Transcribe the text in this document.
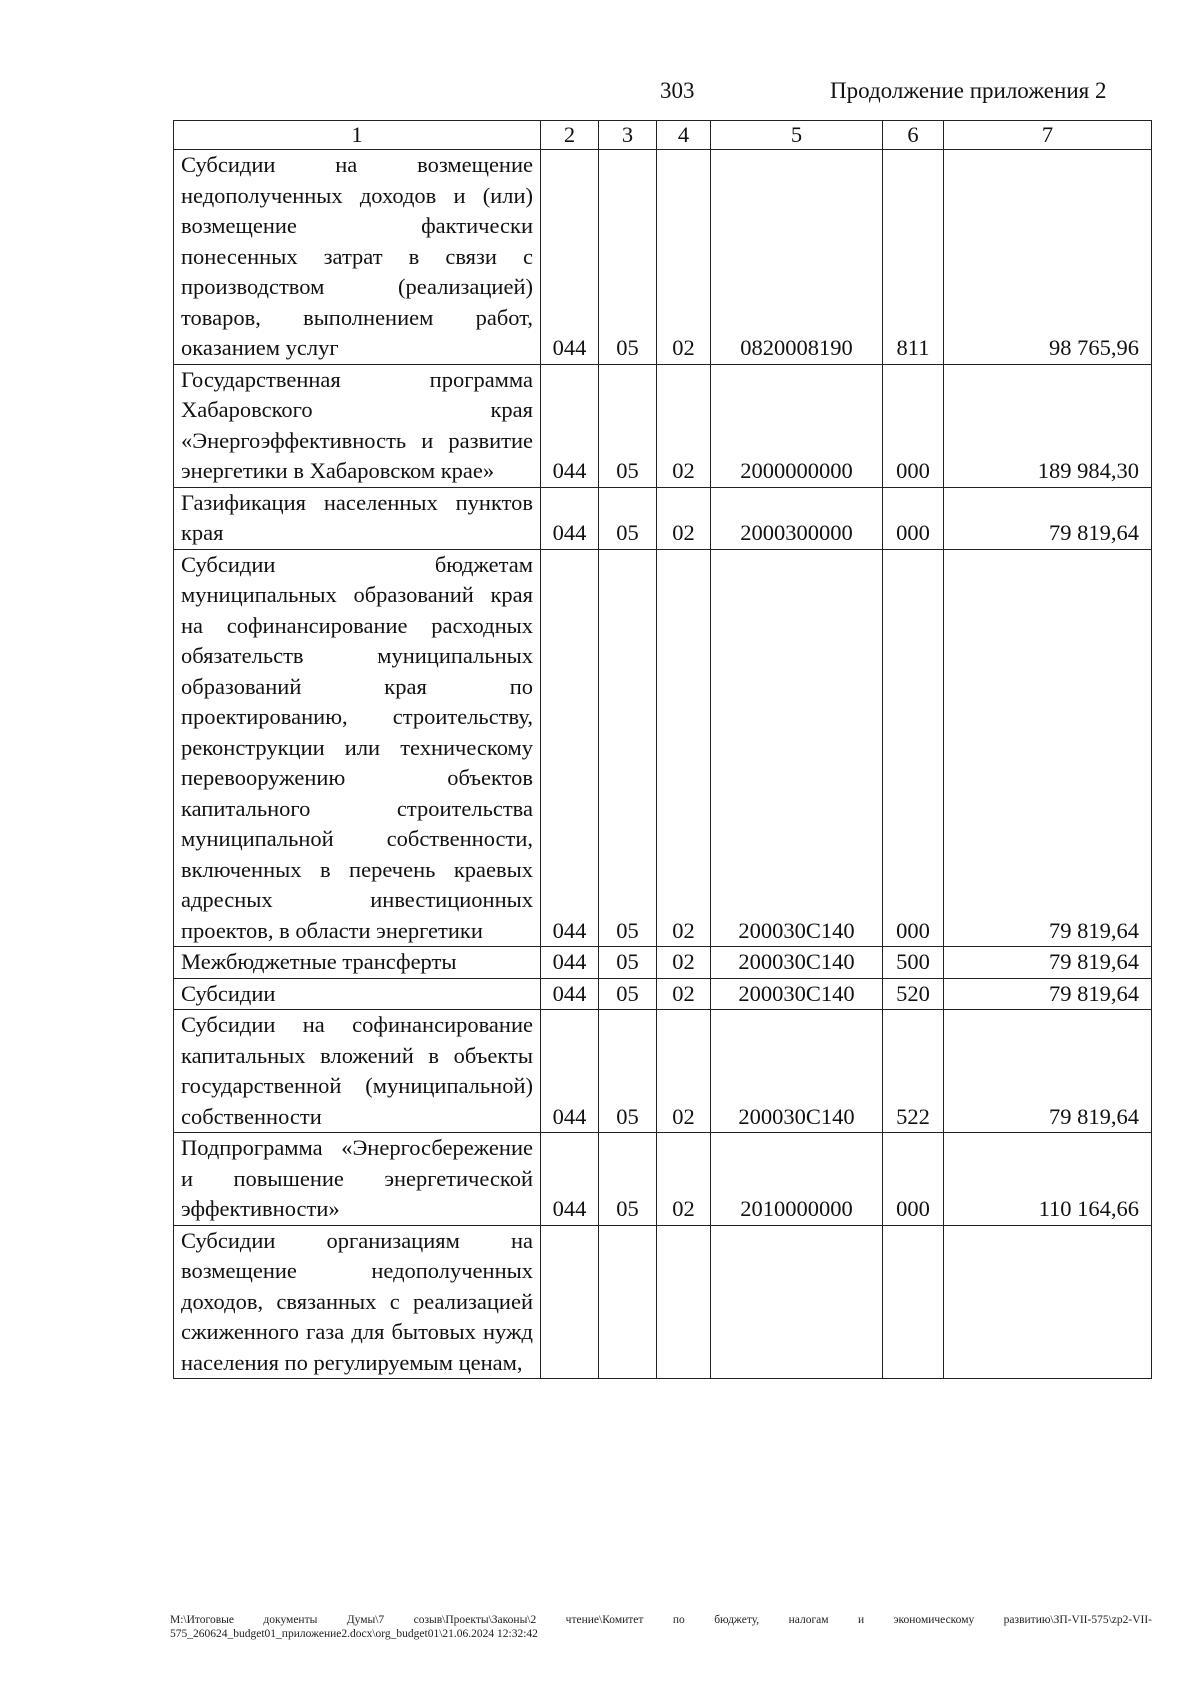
303	Продолжение приложения 2
1	2	3	4	5	6	7
Субсидии на возмещение недополученных доходов и (или) возмещение фактически понесенных затрат в связи с производством (реализацией) товаров, выполнением работ, оказанием услуг	044	05	02	0820008190	811	98 765,96
Государственная программа Хабаровского края «Энергоэффективность и развитие энергетики в Хабаровском крае»	044	05	02	2000000000	000	189 984,30
Газификация населенных пунктов края	044	05	02	2000300000	000	79 819,64
Субсидии бюджетам муниципальных образований края на софинансирование расходных обязательств муниципальных образований края по проектированию, строительству, реконструкции или техническому перевооружению объектов капитального строительства муниципальной собственности, включенных в перечень краевых адресных инвестиционных проектов, в области энергетики	044	05	02	200030С140	000	79 819,64
Межбюджетные трансферты	044	05	02	200030С140	500	79 819,64
Субсидии	044	05	02	200030С140	520	79 819,64
Субсидии на софинансирование капитальных вложений в объекты государственной (муниципальной) собственности	044	05	02	200030С140	522	79 819,64
Подпрограмма «Энергосбережение и повышение энергетической эффективности»	044	05	02	2010000000	000	110 164,66
Субсидии организациям на возмещение недополученных доходов, связанных с реализацией сжиженного газа для бытовых нужд населения по регулируемым ценам,						
М:\Итоговые документы Думы\7 созыв\Проекты\Законы\2 чтение\Комитет по бюджету, налогам и экономическому развитию\ЗП-VII-575\zp2-VII-575_260624_budget01_приложение2.docx\org_budget01\21.06.2024 12:32:42
